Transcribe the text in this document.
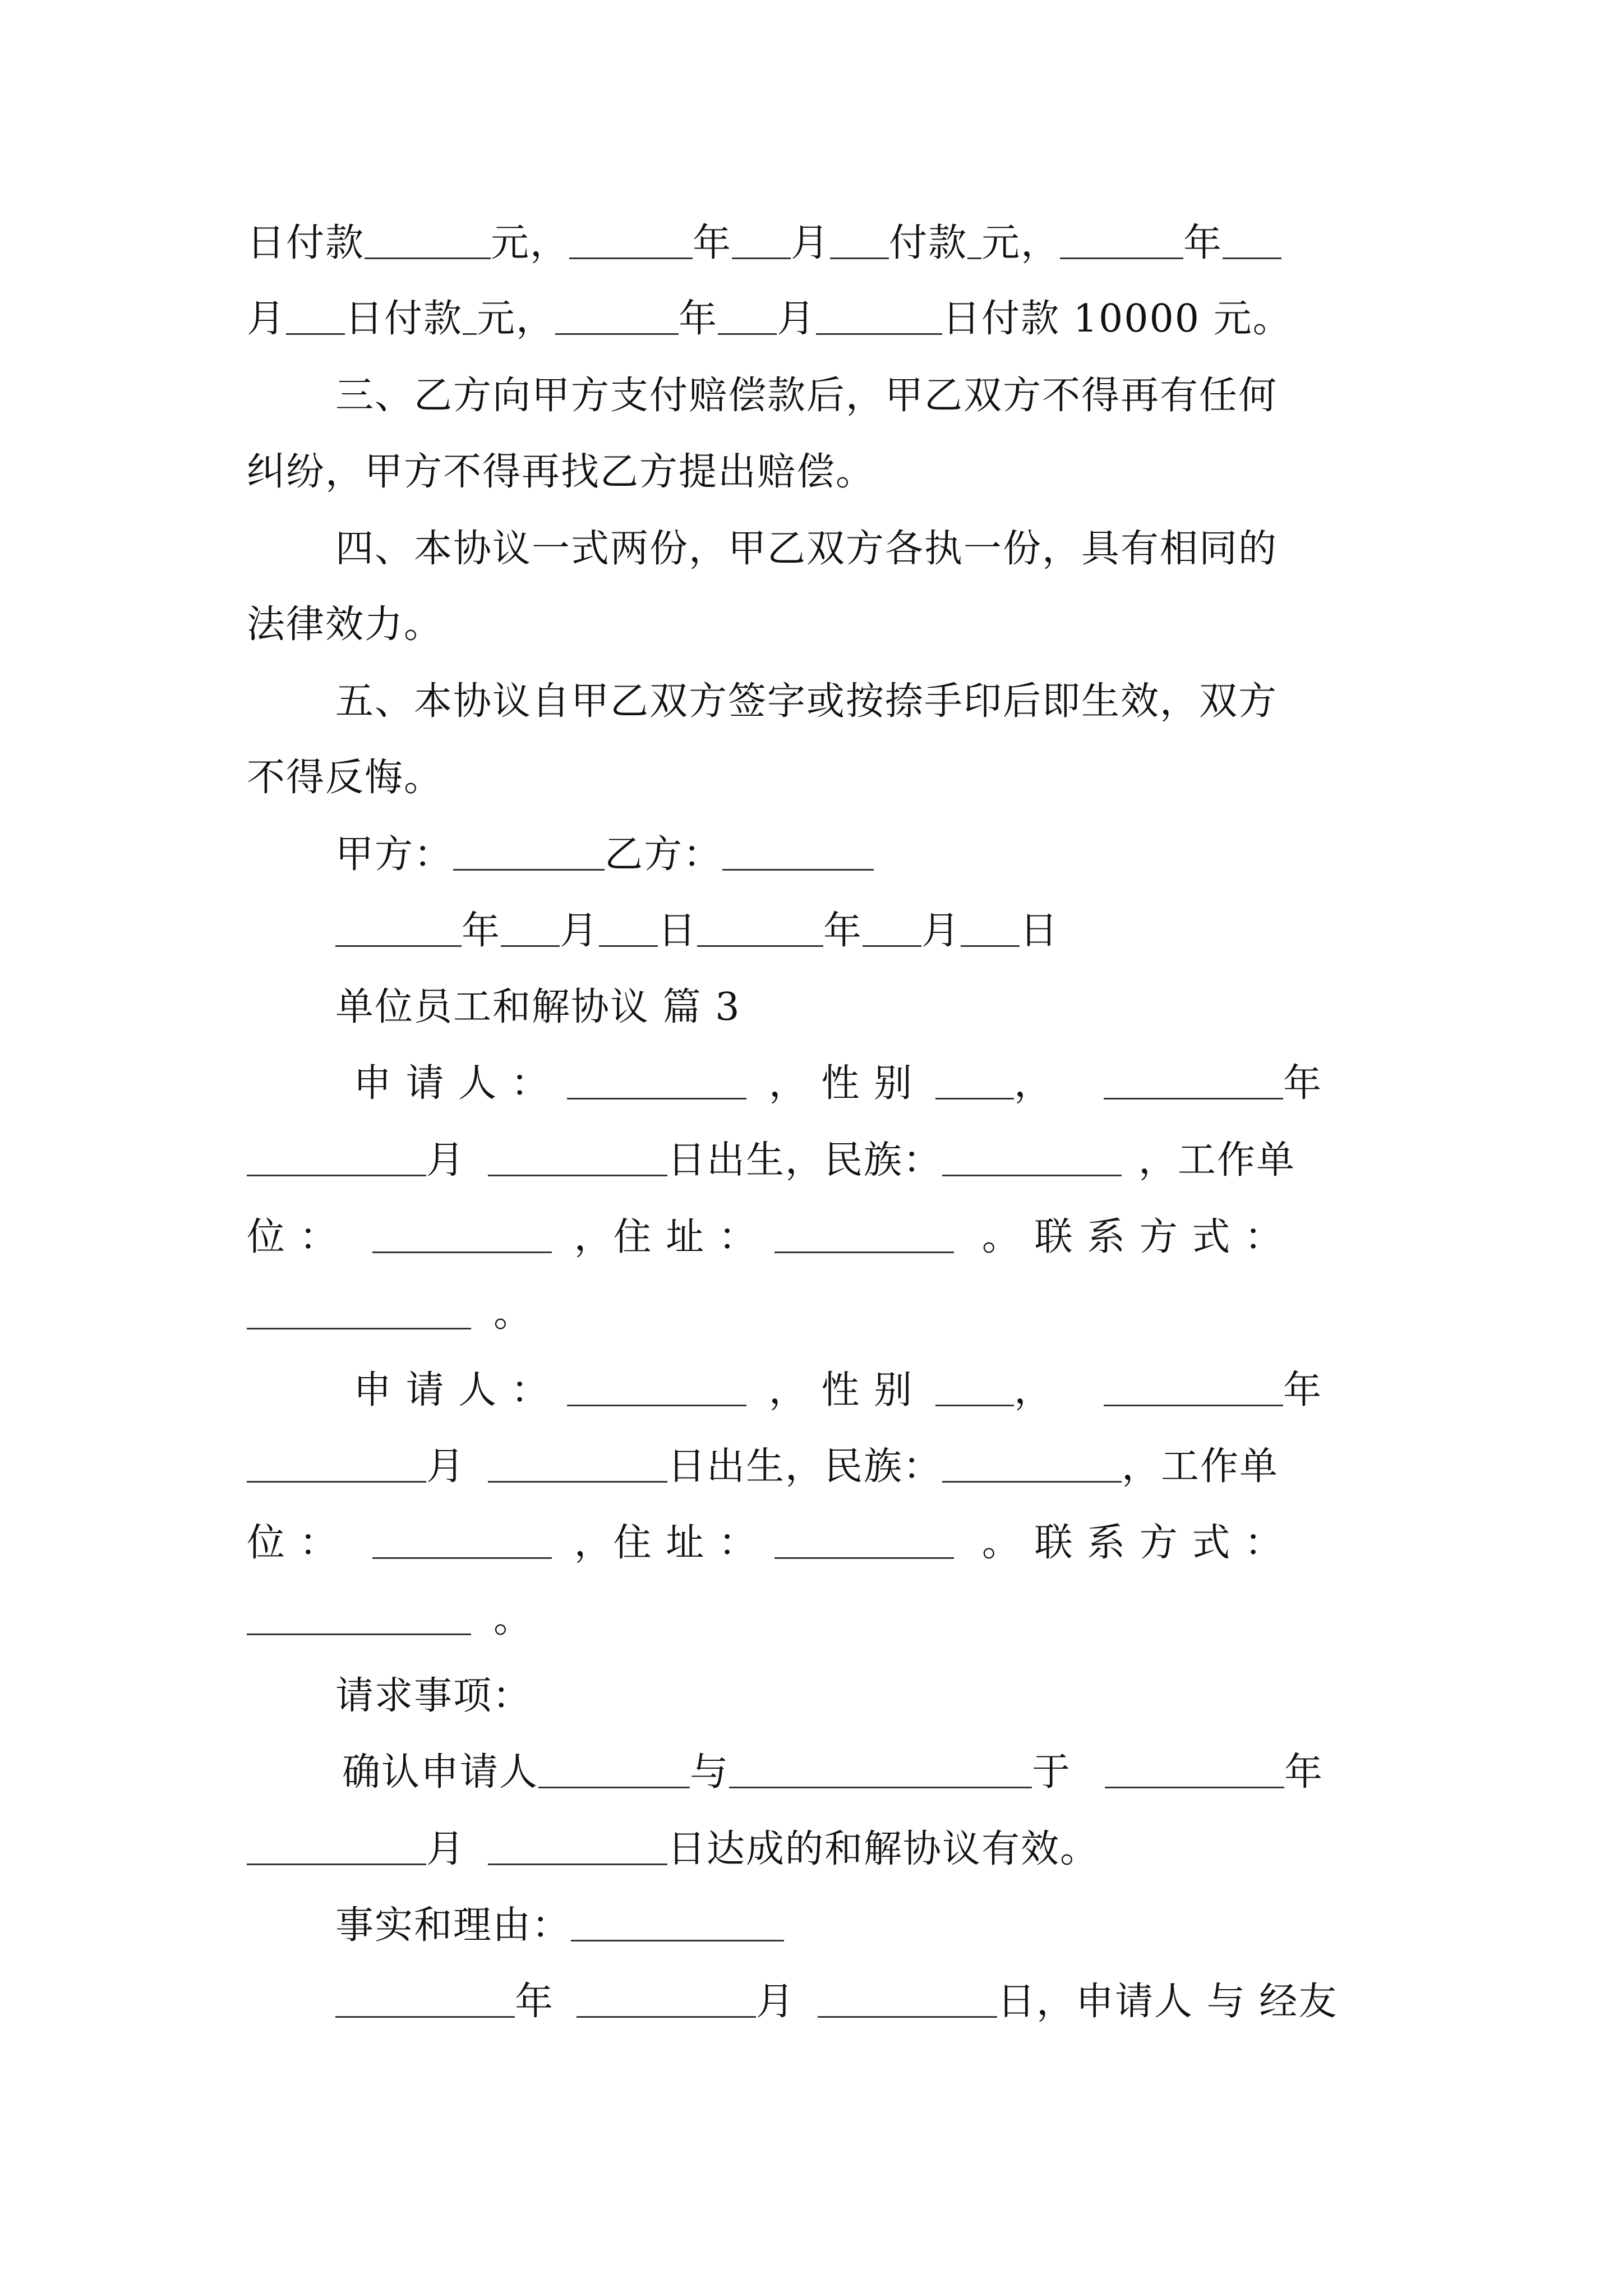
日付款	元，	年 月 付款 元，	年
月 日付款 元，	年 月	日付款 10000 元。
三、乙方向甲方支付赔偿款后，甲乙双方不得再有任何
纠纷，甲方不得再找乙方提出赔偿。
四、本协议一式两份，甲乙双方各执一份，具有相同的
法律效力。
五、本协议自甲乙双方签字或按捺手印后即生效，双方
不得反悔。
甲方：	乙方：
年 月 日	年 月 日
单位员工和解协议 篇 3
申 请 人 ：	， 性 别	，	年
月	日出生，民族：	，工作单
位 ：	，住 址 ：	。 联 系 方 式 ：
。
申 请 人 ：	， 性 别	，	年
月	日出生，民族：	，工作单
位 ：	，住 址 ：	。 联 系 方 式 ：
。
请求事项：
确认申请人	与	于	年
月	日达成的和解协议有效。
事实和理由：
年	月	日，申请人 与 经友
